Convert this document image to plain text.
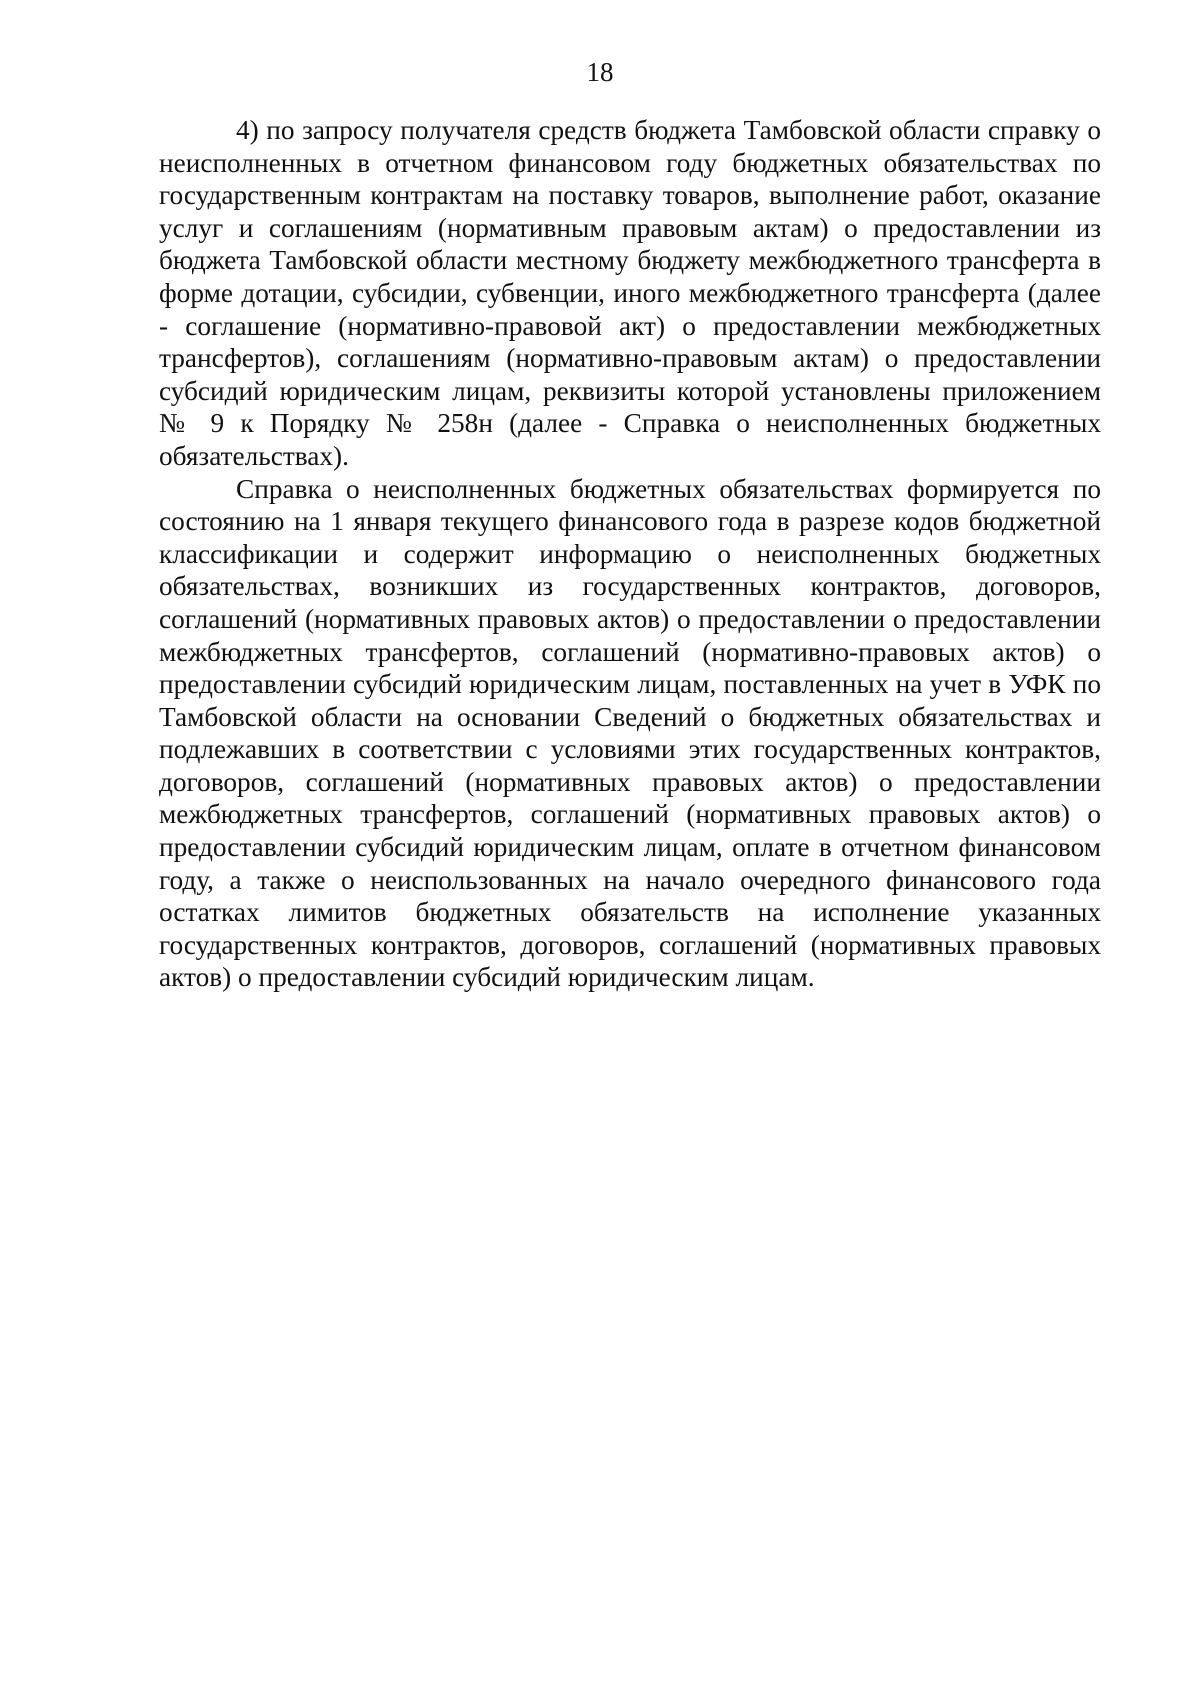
18

4) по запросу получателя средств бюджета Тамбовской области справку о неисполненных в отчетном финансовом году бюджетных обязательствах по государственным контрактам на поставку товаров, выполнение работ, оказание услуг и соглашениям (нормативным правовым актам) о предоставлении из бюджета Тамбовской области местному бюджету межбюджетного трансферта в форме дотации, субсидии, субвенции, иного межбюджетного трансферта (далее - соглашение (нормативно-правовой акт) о предоставлении межбюджетных трансфертов), соглашениям (нормативно-правовым актам) о предоставлении субсидий юридическим лицам, реквизиты которой установлены приложением № 9 к Порядку № 258н (далее - Справка о неисполненных бюджетных обязательствах).

Справка о неисполненных бюджетных обязательствах формируется по состоянию на 1 января текущего финансового года в разрезе кодов бюджетной классификации и содержит информацию о неисполненных бюджетных обязательствах, возникших из государственных контрактов, договоров, соглашений (нормативных правовых актов) о предоставлении о предоставлении межбюджетных трансфертов, соглашений (нормативно-правовых актов) о предоставлении субсидий юридическим лицам, поставленных на учет в УФК по Тамбовской области на основании Сведений о бюджетных обязательствах и подлежавших в соответствии с условиями этих государственных контрактов, договоров, соглашений (нормативных правовых актов) о предоставлении межбюджетных трансфертов, соглашений (нормативных правовых актов) о предоставлении субсидий юридическим лицам, оплате в отчетном финансовом году, а также о неиспользованных на начало очередного финансового года остатках лимитов бюджетных обязательств на исполнение указанных государственных контрактов, договоров, соглашений (нормативных правовых актов) о предоставлении субсидий юридическим лицам.
